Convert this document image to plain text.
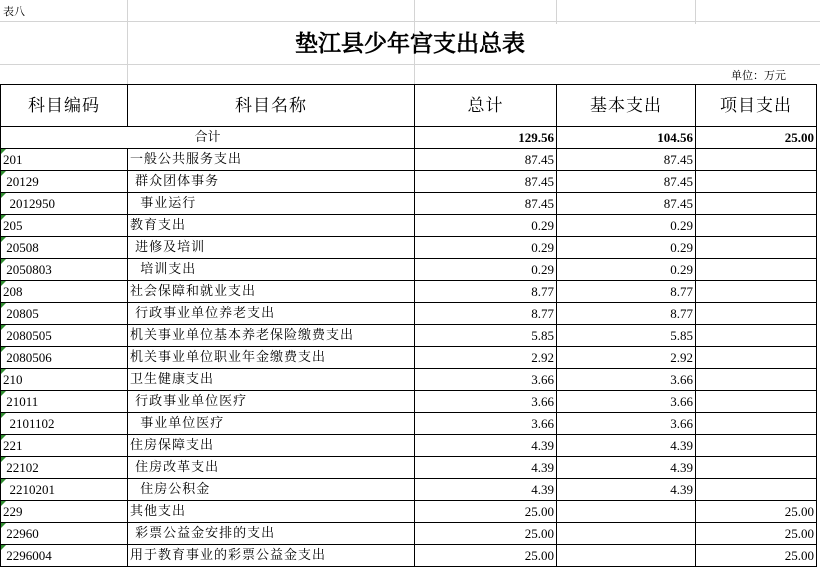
表八
垫江县少年宫支出总表
单位：万元
科目编码	科目名称	总计	基本支出	项目支出
合计		129.56	104.56	25.00

201	一般公共服务支出	87.45	87.45	

20129	群众团体事务	87.45	87.45	

2012950	事业运行	87.45	87.45	

205	教育支出	0.29	0.29	

20508	进修及培训	0.29	0.29	

2050803	培训支出	0.29	0.29	

208	社会保障和就业支出	8.77	8.77	

20805	行政事业单位养老支出	8.77	8.77	

2080505	机关事业单位基本养老保险缴费支出	5.85	5.85	

2080506	机关事业单位职业年金缴费支出	2.92	2.92	

210	卫生健康支出	3.66	3.66	

21011	行政事业单位医疗	3.66	3.66	

2101102	事业单位医疗	3.66	3.66	

221	住房保障支出	4.39	4.39	

22102	住房改革支出	4.39	4.39	

2210201	住房公积金	4.39	4.39	

229	其他支出	25.00		25.00

22960	彩票公益金安排的支出	25.00		25.00

2296004	用于教育事业的彩票公益金支出	25.00		25.00
